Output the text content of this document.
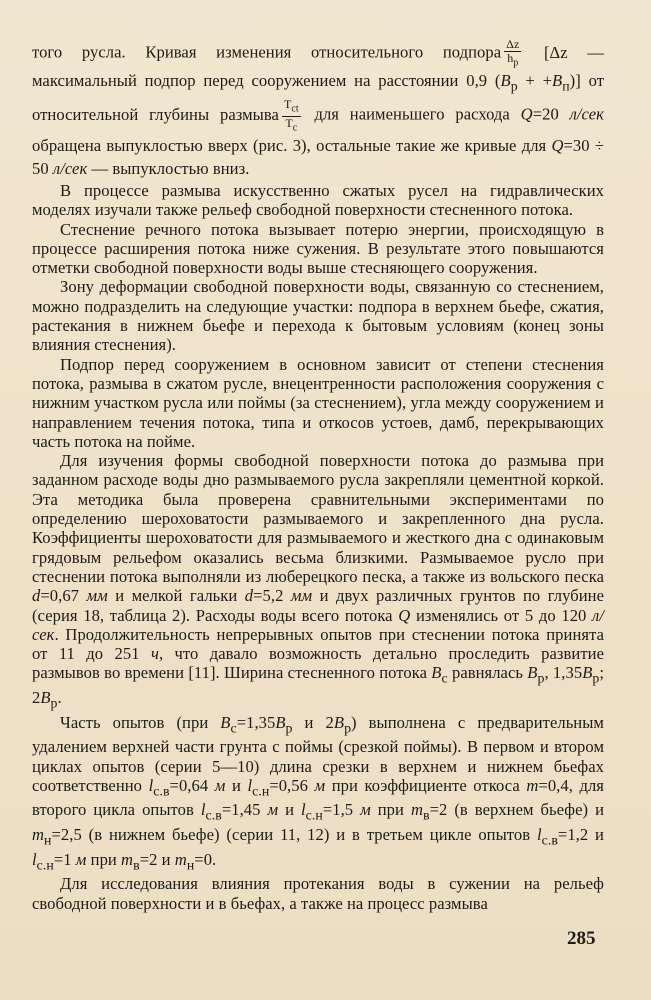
того русла. Кривая изменения относительного подпора $\frac{\Delta z}{h_р} [\Delta z$ — максимальный подпор перед сооружением на расстоянии 0,9 $(В_р + +В_п)$] от относительной глубины размыва $\frac{T_{ct}}{T_c}$ для наименьшего расхода Q=20 л/сек обращена выпуклостью вверх (рис. 3), остальные такие же кривые для Q=30 ÷ 50 л/сек — выпуклостью вниз.

В процессе размыва искусственно сжатых русел на гидравлических моделях изучали также рельеф свободной поверхности стесненного потока.

Стеснение речного потока вызывает потерю энергии, происходящую в процессе расширения потока ниже сужения. В результате этого повышаются отметки свободной поверхности воды выше стесняющего сооружения.

Зону деформации свободной поверхности воды, связанную со стеснением, можно подразделить на следующие участки: подпора в верхнем бьефе, сжатия, растекания в нижнем бьефе и перехода к бытовым условиям (конец зоны влияния стеснения).

Подпор перед сооружением в основном зависит от степени стеснения потока, размыва в сжатом русле, внецентренности расположения сооружения с нижним участком русла или поймы (за стеснением), угла между сооружением и направлением течения потока, типа и откосов устоев, дамб, перекрывающих часть потока на пойме.

Для изучения формы свободной поверхности потока до размыва при заданном расходе воды дно размываемого русла закрепляли цементной коркой. Эта методика была проверена сравнительными экспериментами по определению шероховатости размываемого и закрепленного дна русла. Коэффициенты шероховатости для размываемого и жесткого дна с одинаковым грядовым рельефом оказались весьма близкими. Размываемое русло при стеснении потока выполняли из люберецкого песка, а также из вольского песка d=0,67 мм и мелкой гальки d=5,2 мм и двух различных грунтов по глубине (серия 18, таблица 2). Расходы воды всего потока Q изменялись от 5 до 120 л/сек. Продолжительность непрерывных опытов при стеснении потока принята от 11 до 251 ч, что давало возможность детально проследить развитие размывов во времени [11]. Ширина стесненного потока $В_с$ равнялась $В_р$, $1,35В_р$; $2В_р$.

Часть опытов (при $В_с=1,35В_р$ и $2В_р$) выполнена с предварительным удалением верхней части грунта с поймы (срезкой поймы). В первом и втором циклах опытов (серии 5—10) длина срезки в верхнем и нижнем бьефах соответственно $l_{с.в}=0,64$ м и $l_{с.н}=0,56$ м при коэффициенте откоса m=0,4, для второго цикла опытов $l_{с.в}=1,45$ м и $l_{с.н}=1,5$ м при $m_в=2$ (в верхнем бьефе) и $m_н=2,5$ (в нижнем бьефе) (серии 11, 12) и в третьем цикле опытов $l_{с.в}=1,2$ и $l_{с.н}=1$ м при $m_в=2$ и $m_н=0$.

Для исследования влияния протекания воды в сужении на рельеф свободной поверхности и в бьефах, а также на процесс размыва

285
